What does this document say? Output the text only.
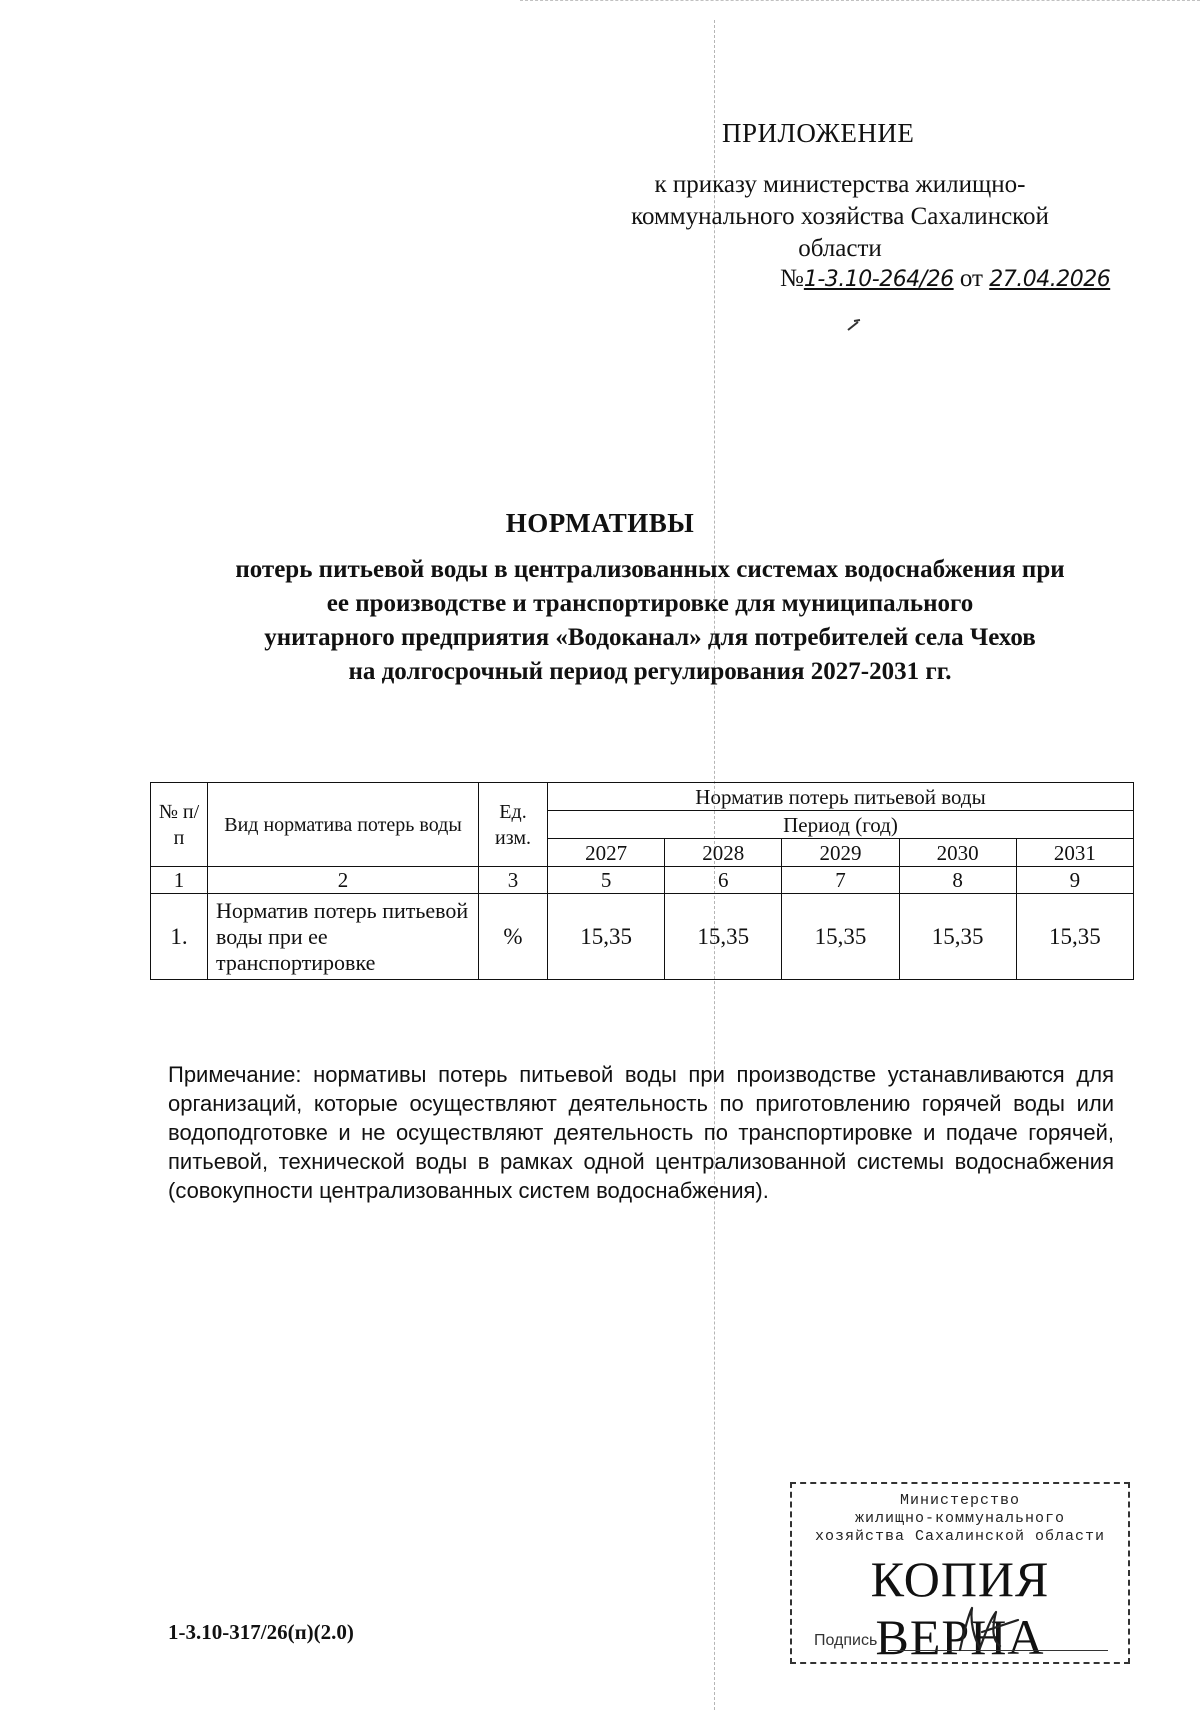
ПРИЛОЖЕНИЕ
к приказу министерства жилищно-
коммунального хозяйства Сахалинской
области
№1-3.10-264/26 от 27.04.2026
НОРМАТИВЫ
потерь питьевой воды в централизованных системах водоснабжения при
ее производстве и транспортировке для муниципального
унитарного предприятия «Водоканал» для потребителей села Чехов
на долгосрочный период регулирования 2027-2031 гг.
№ п/п	Вид норматива потерь воды	Ед. изм.	Норматив потерь питьевой воды				
			Период (год)				
			2027	2028	2029	2030	2031
1	2	3	5	6	7	8	9
1.	Норматив потерь питьевой воды при ее транспортировке	%	15,35	15,35	15,35	15,35	15,35
Примечание: нормативы потерь питьевой воды при производстве устанавливаются для организаций, которые осуществляют деятельность по приготовлению горячей воды или водоподготовке и не осуществляют деятельность по транспортировке и подаче горячей, питьевой, технической воды в рамках одной централизованной системы водоснабжения (совокупности централизованных систем водоснабжения).
1-3.10-317/26(п)(2.0)
Министерство
жилищно-коммунального
хозяйства Сахалинской области
КОПИЯ ВЕРНА
Подпись
